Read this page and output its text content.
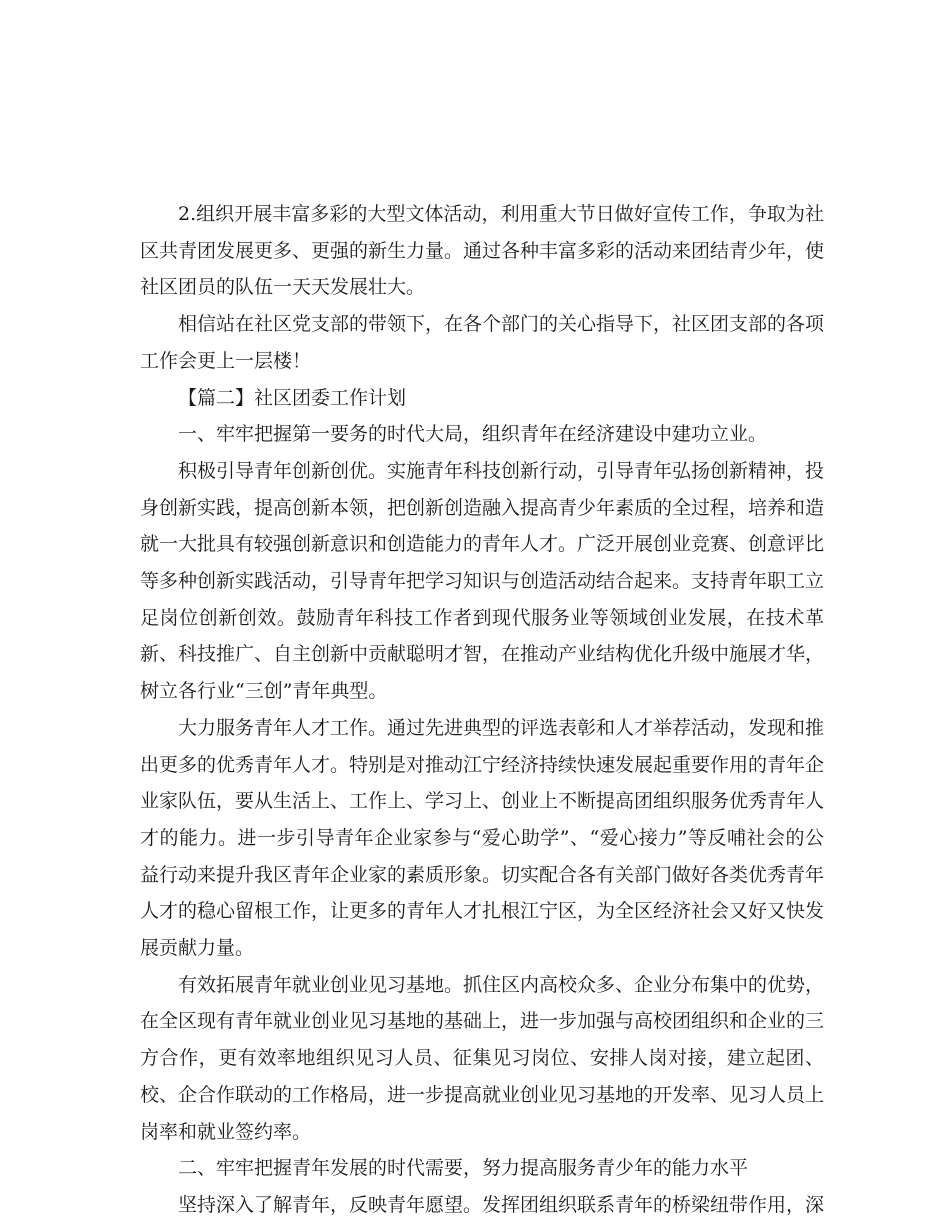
2.组织开展丰富多彩的大型文体活动，利用重大节日做好宣传工作，争取为社区共青团发展更多、更强的新生力量。通过各种丰富多彩的活动来团结青少年，使社区团员的队伍一天天发展壮大。

相信站在社区党支部的带领下，在各个部门的关心指导下，社区团支部的各项工作会更上一层楼！

【篇二】社区团委工作计划

一、牢牢把握第一要务的时代大局，组织青年在经济建设中建功立业。

积极引导青年创新创优。实施青年科技创新行动，引导青年弘扬创新精神，投身创新实践，提高创新本领，把创新创造融入提高青少年素质的全过程，培养和造就一大批具有较强创新意识和创造能力的青年人才。广泛开展创业竞赛、创意评比等多种创新实践活动，引导青年把学习知识与创造活动结合起来。支持青年职工立足岗位创新创效。鼓励青年科技工作者到现代服务业等领域创业发展，在技术革新、科技推广、自主创新中贡献聪明才智，在推动产业结构优化升级中施展才华，树立各行业“三创”青年典型。

大力服务青年人才工作。通过先进典型的评选表彰和人才举荐活动，发现和推出更多的优秀青年人才。特别是对推动江宁经济持续快速发展起重要作用的青年企业家队伍，要从生活上、工作上、学习上、创业上不断提高团组织服务优秀青年人才的能力。进一步引导青年企业家参与“爱心助学”、“爱心接力”等反哺社会的公益行动来提升我区青年企业家的素质形象。切实配合各有关部门做好各类优秀青年人才的稳心留根工作，让更多的青年人才扎根江宁区，为全区经济社会又好又快发展贡献力量。

有效拓展青年就业创业见习基地。抓住区内高校众多、企业分布集中的优势，在全区现有青年就业创业见习基地的基础上，进一步加强与高校团组织和企业的三方合作，更有效率地组织见习人员、征集见习岗位、安排人岗对接，建立起团、校、企合作联动的工作格局，进一步提高就业创业见习基地的开发率、见习人员上岗率和就业签约率。

二、牢牢把握青年发展的时代需要，努力提高服务青少年的能力水平

坚持深入了解青年，反映青年愿望。发挥团组织联系青年的桥梁纽带作用，深
